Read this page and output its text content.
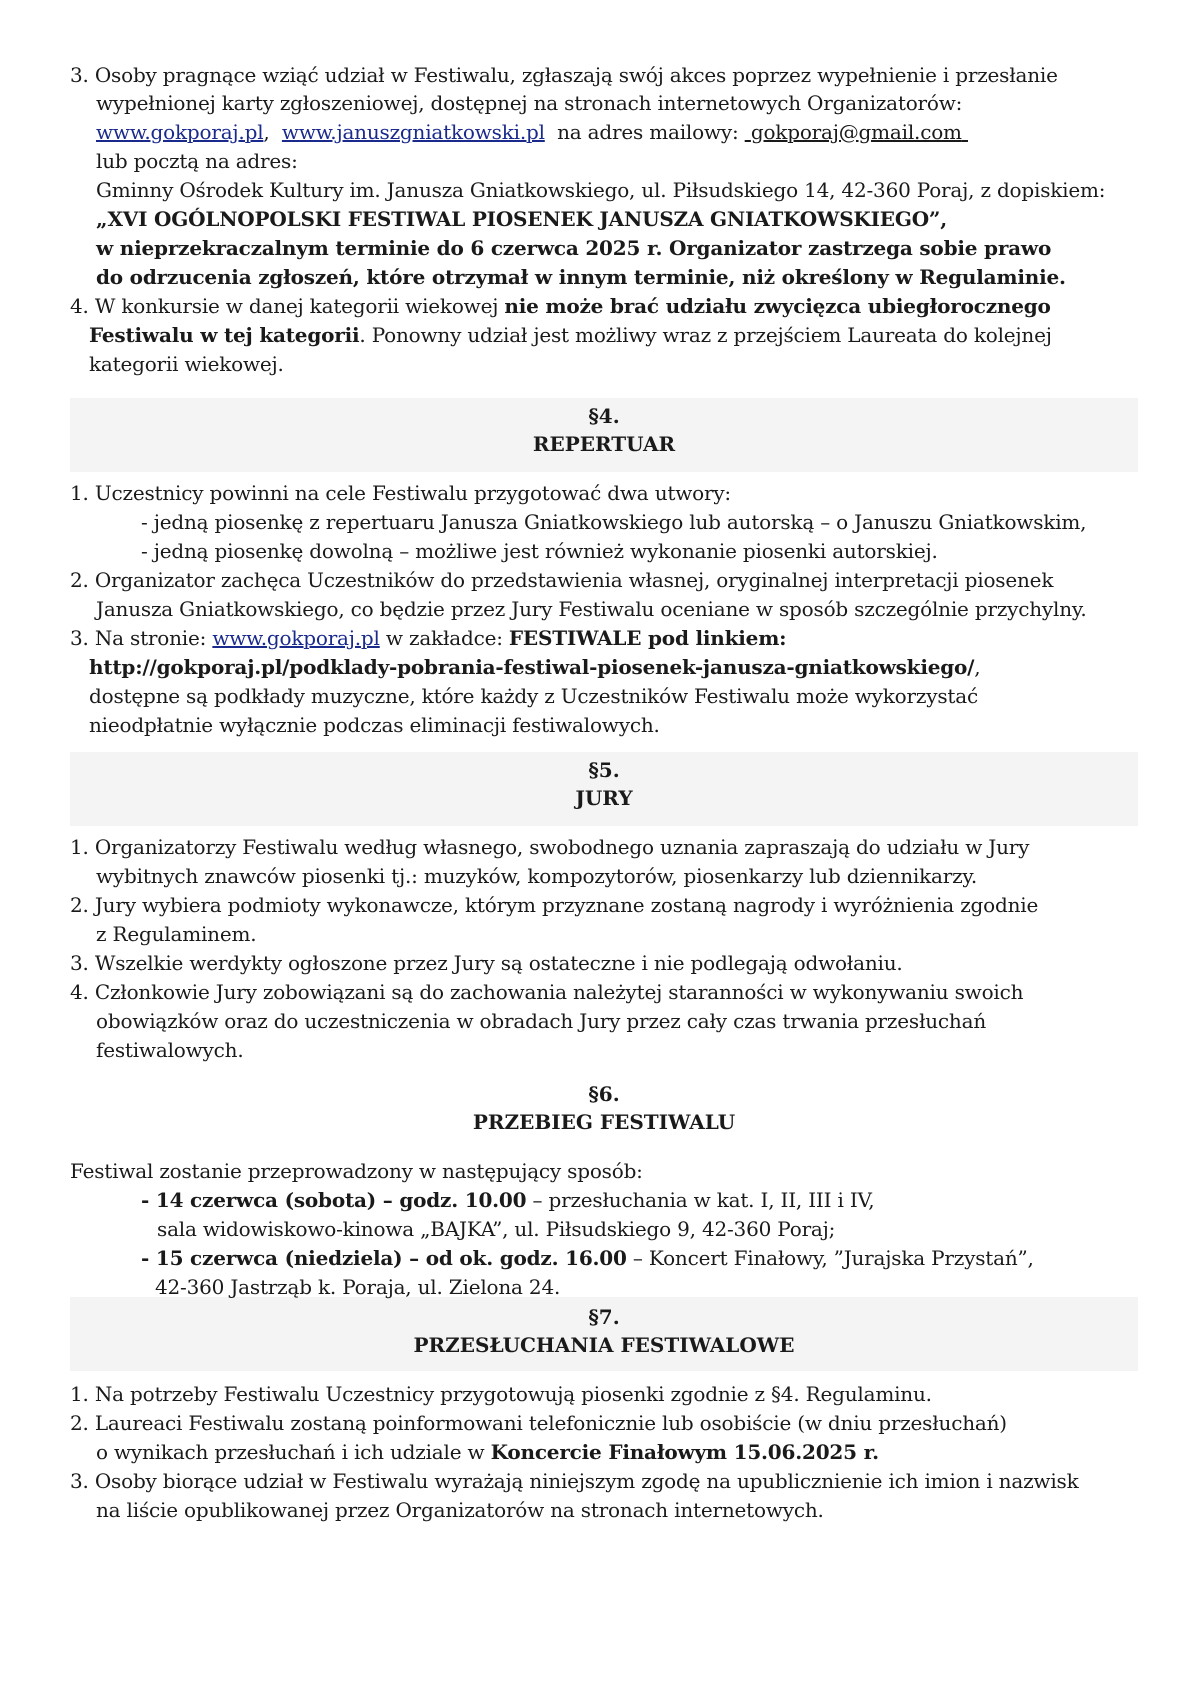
3. Osoby pragnące wziąć udział w Festiwalu, zgłaszają swój akces poprzez wypełnienie i przesłanie
wypełnionej karty zgłoszeniowej, dostępnej na stronach internetowych Organizatorów:
www.gokporaj.pl, www.januszgniatkowski.pl na adres mailowy: gokporaj@gmail.com
lub pocztą na adres:
Gminny Ośrodek Kultury im. Janusza Gniatkowskiego, ul. Piłsudskiego 14, 42-360 Poraj, z dopiskiem:
„XVI OGÓLNOPOLSKI FESTIWAL PIOSENEK JANUSZA GNIATKOWSKIEGO”,
w nieprzekraczalnym terminie do 6 czerwca 2025 r. Organizator zastrzega sobie prawo
do odrzucenia zgłoszeń, które otrzymał w innym terminie, niż określony w Regulaminie.
4. W konkursie w danej kategorii wiekowej nie może brać udziału zwycięzca ubiegłorocznego
Festiwalu w tej kategorii. Ponowny udział jest możliwy wraz z przejściem Laureata do kolejnej
kategorii wiekowej.
§4.
REPERTUAR
1. Uczestnicy powinni na cele Festiwalu przygotować dwa utwory:
- jedną piosenkę z repertuaru Janusza Gniatkowskiego lub autorską – o Januszu Gniatkowskim,
- jedną piosenkę dowolną – możliwe jest również wykonanie piosenki autorskiej.
2. Organizator zachęca Uczestników do przedstawienia własnej, oryginalnej interpretacji piosenek
Janusza Gniatkowskiego, co będzie przez Jury Festiwalu oceniane w sposób szczególnie przychylny.
3. Na stronie: www.gokporaj.pl w zakładce: FESTIWALE pod linkiem:
http://gokporaj.pl/podklady-pobrania-festiwal-piosenek-janusza-gniatkowskiego/,
dostępne są podkłady muzyczne, które każdy z Uczestników Festiwalu może wykorzystać
nieodpłatnie wyłącznie podczas eliminacji festiwalowych.
§5.
JURY
1. Organizatorzy Festiwalu według własnego, swobodnego uznania zapraszają do udziału w Jury
wybitnych znawców piosenki tj.: muzyków, kompozytorów, piosenkarzy lub dziennikarzy.
2. Jury wybiera podmioty wykonawcze, którym przyznane zostaną nagrody i wyróżnienia zgodnie
z Regulaminem.
3. Wszelkie werdykty ogłoszone przez Jury są ostateczne i nie podlegają odwołaniu.
4. Członkowie Jury zobowiązani są do zachowania należytej staranności w wykonywaniu swoich
obowiązków oraz do uczestniczenia w obradach Jury przez cały czas trwania przesłuchań
festiwalowych.
§6.
PRZEBIEG FESTIWALU
Festiwal zostanie przeprowadzony w następujący sposób:
- 14 czerwca (sobota) – godz. 10.00 – przesłuchania w kat. I, II, III i IV,
sala widowiskowo-kinowa „BAJKA”, ul. Piłsudskiego 9, 42-360 Poraj;
- 15 czerwca (niedziela) – od ok. godz. 16.00 – Koncert Finałowy, ”Jurajska Przystań”,
42-360 Jastrząb k. Poraja, ul. Zielona 24.
§7.
PRZESŁUCHANIA FESTIWALOWE
1. Na potrzeby Festiwalu Uczestnicy przygotowują piosenki zgodnie z §4. Regulaminu.
2. Laureaci Festiwalu zostaną poinformowani telefonicznie lub osobiście (w dniu przesłuchań)
o wynikach przesłuchań i ich udziale w Koncercie Finałowym 15.06.2025 r.
3. Osoby biorące udział w Festiwalu wyrażają niniejszym zgodę na upublicznienie ich imion i nazwisk
na liście opublikowanej przez Organizatorów na stronach internetowych.
